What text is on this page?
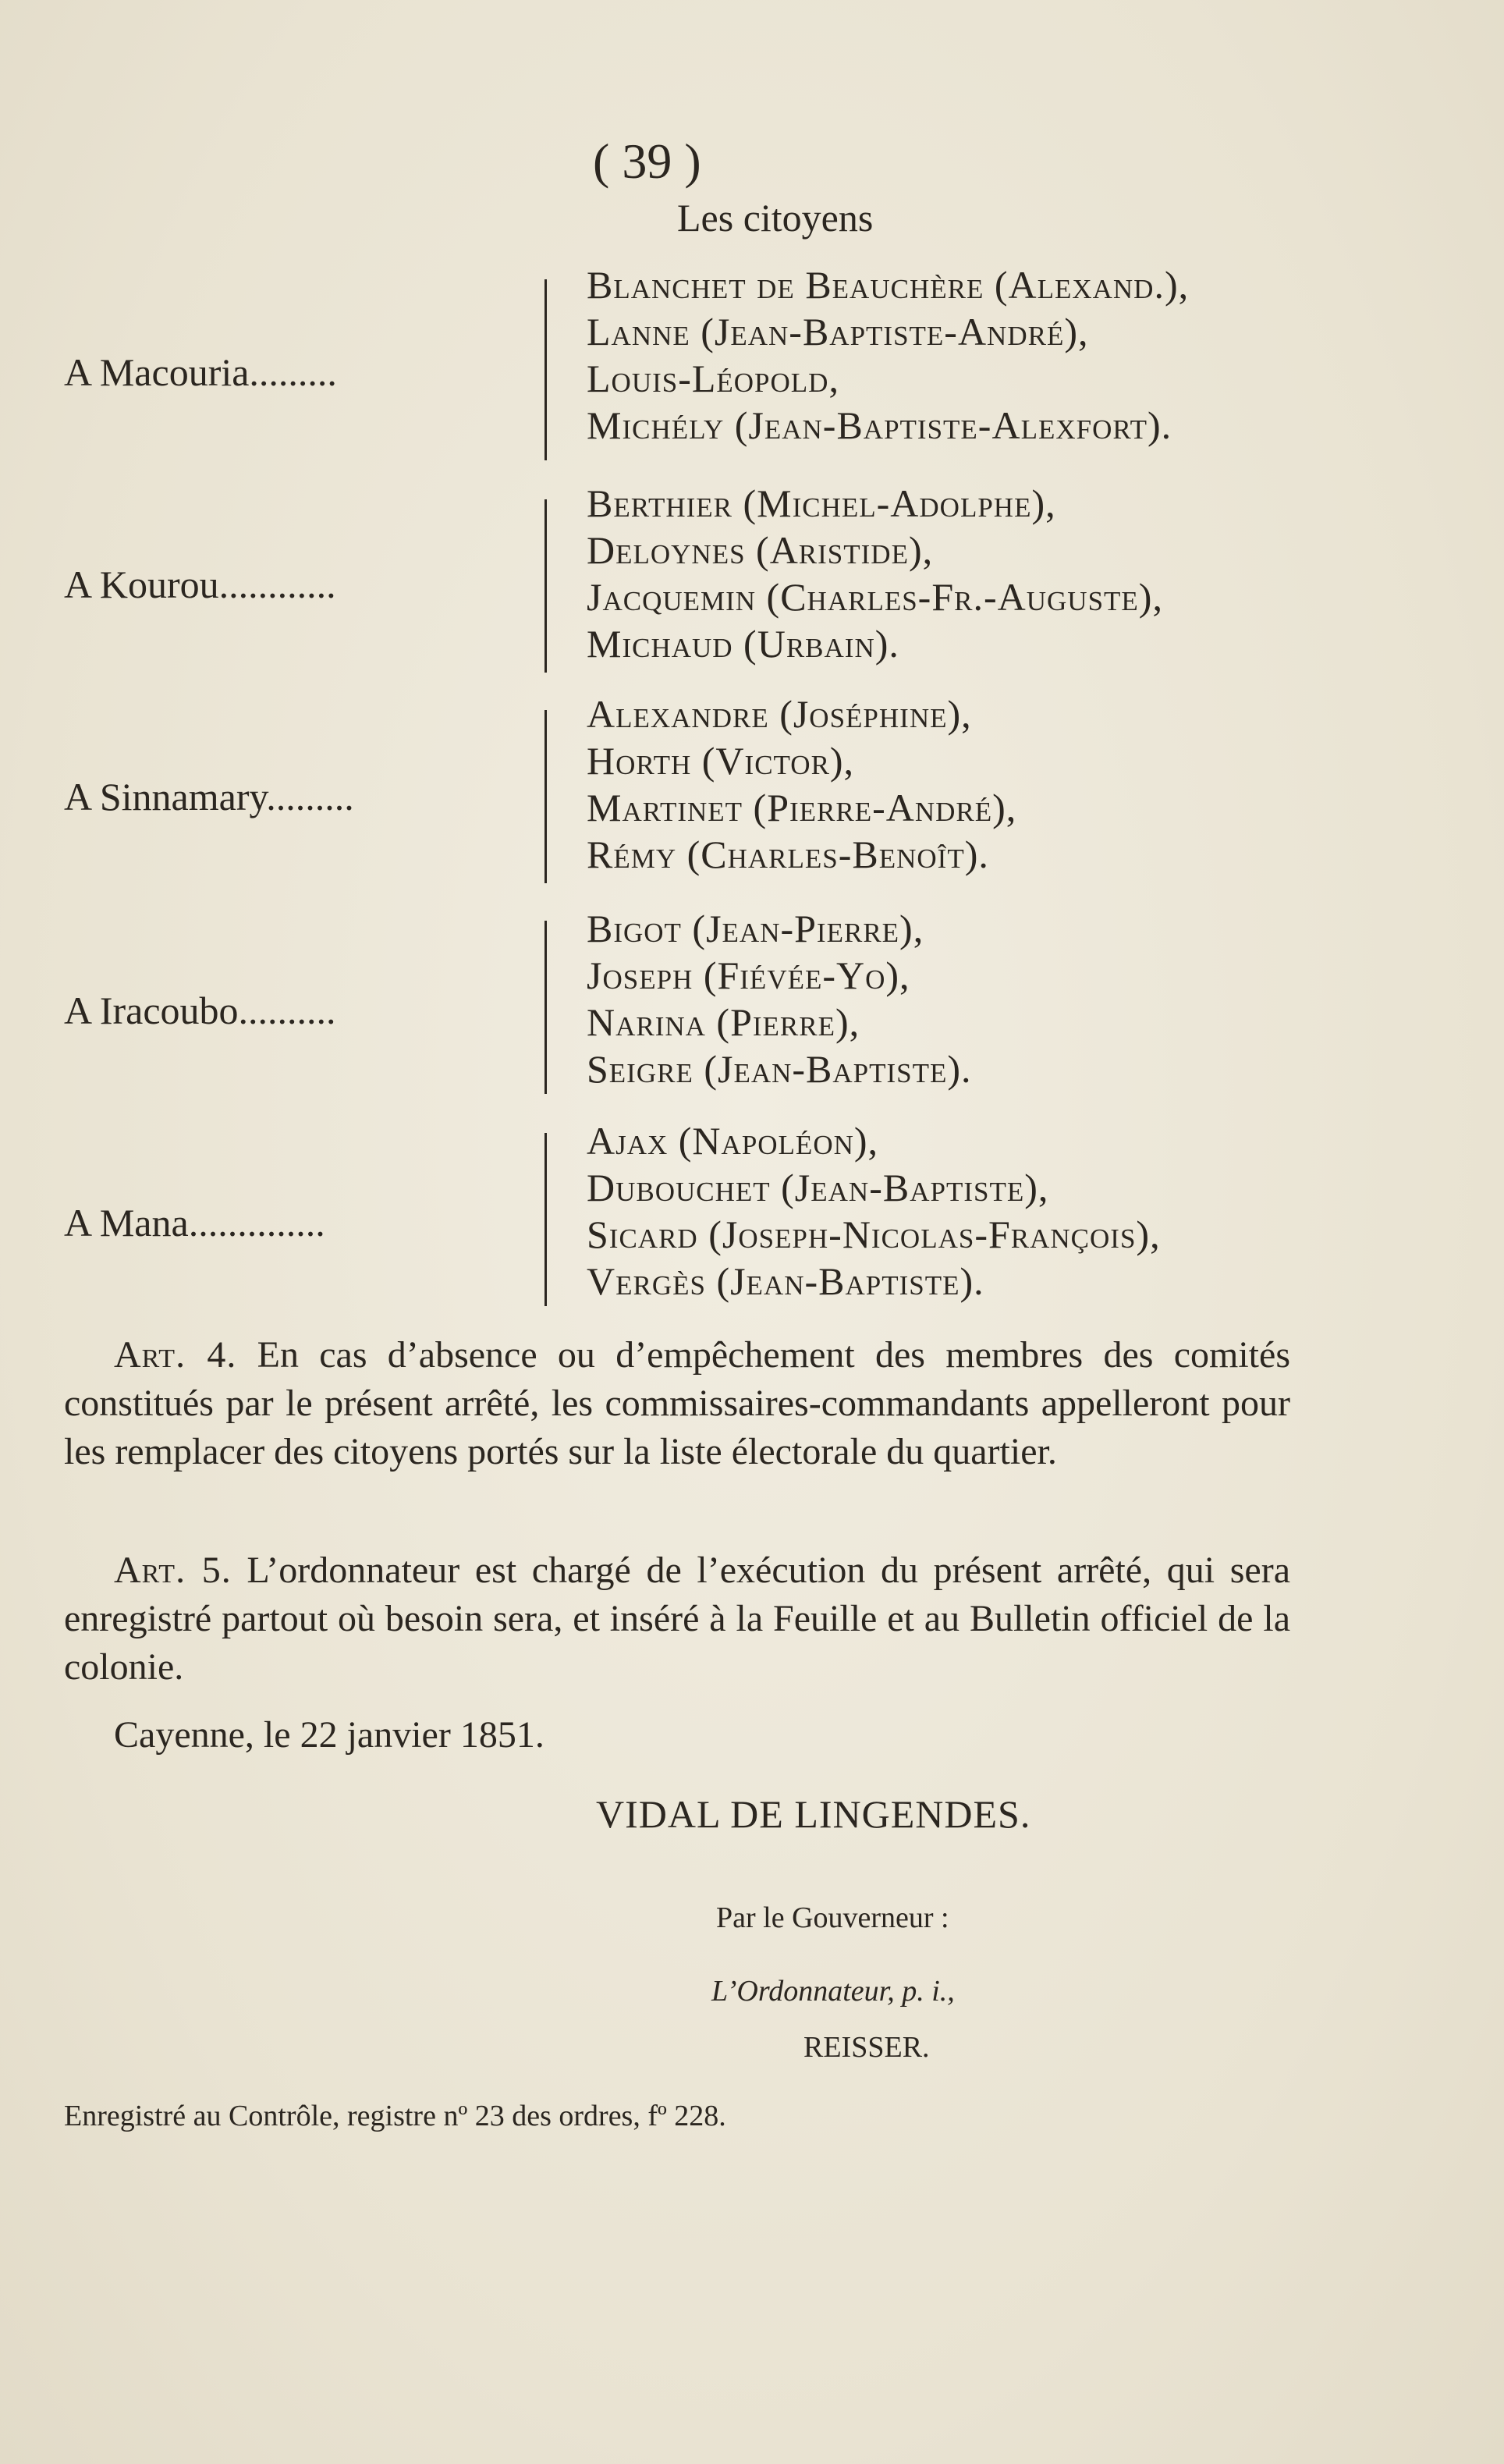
( 39 )
Les citoyens
A Macouria.........
Blanchet de Beauchère (Alexand.),
Lanne (Jean-Baptiste-André),
Louis-Léopold,
Michély (Jean-Baptiste-Alexfort).
A Kourou............
Berthier (Michel-Adolphe),
Deloynes (Aristide),
Jacquemin (Charles-Fr.-Auguste),
Michaud (Urbain).
A Sinnamary.........
Alexandre (Joséphine),
Horth (Victor),
Martinet (Pierre-André),
Rémy (Charles-Benoît).
A Iracoubo..........
Bigot (Jean-Pierre),
Joseph (Fiévée-Yo),
Narina (Pierre),
Seigre (Jean-Baptiste).
A Mana..............
Ajax (Napoléon),
Dubouchet (Jean-Baptiste),
Sicard (Joseph-Nicolas-François),
Vergès (Jean-Baptiste).
Art. 4. En cas d’absence ou d’empêchement des membres des comités constitués par le présent arrêté, les commissaires-commandants appelleront pour les remplacer des citoyens portés sur la liste électorale du quartier.
Art. 5. L’ordonnateur est chargé de l’exécution du présent arrêté, qui sera enregistré partout où besoin sera, et inséré à la Feuille et au Bulletin officiel de la colonie.
Cayenne, le 22 janvier 1851.
VIDAL DE LINGENDES.
Par le Gouverneur :
L’Ordonnateur, p. i.,
REISSER.
Enregistré au Contrôle, registre nº 23 des ordres, fº 228.
